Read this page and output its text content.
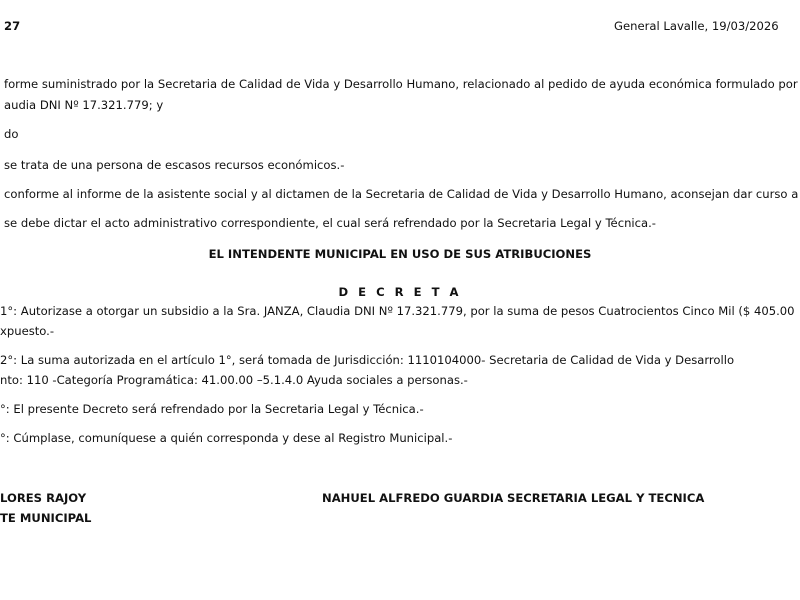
27	General Lavalle, 19/03/2026
forme suministrado por la Secretaria de Calidad de Vida y Desarrollo Humano, relacionado al pedido de ayuda económica formulado por
audia DNI Nº 17.321.779; y
do
se trata de una persona de escasos recursos económicos.-
conforme al informe de la asistente social y al dictamen de la Secretaria de Calidad de Vida y Desarrollo Humano, aconsejan dar curso a
se debe dictar el acto administrativo correspondiente, el cual será refrendado por la Secretaria Legal y Técnica.-
EL INTENDENTE MUNICIPAL EN USO DE SUS ATRIBUCIONES
D E C R E T A
1°: Autorizase a otorgar un subsidio a la Sra. JANZA, Claudia DNI Nº 17.321.779, por la suma de pesos Cuatrocientos Cinco Mil ($ 405.00
xpuesto.-
2°: La suma autorizada en el artículo 1°, será tomada de Jurisdicción: 1110104000- Secretaria de Calidad de Vida y Desarrollo
nto: 110 -Categoría Programática: 41.00.00 –5.1.4.0 Ayuda sociales a personas.-
°: El presente Decreto será refrendado por la Secretaria Legal y Técnica.-
°: Cúmplase, comuníquese a quién corresponda y dese al Registro Municipal.-
LORES RAJOY
TE MUNICIPAL
NAHUEL ALFREDO GUARDIA SECRETARIA LEGAL Y TECNICA
